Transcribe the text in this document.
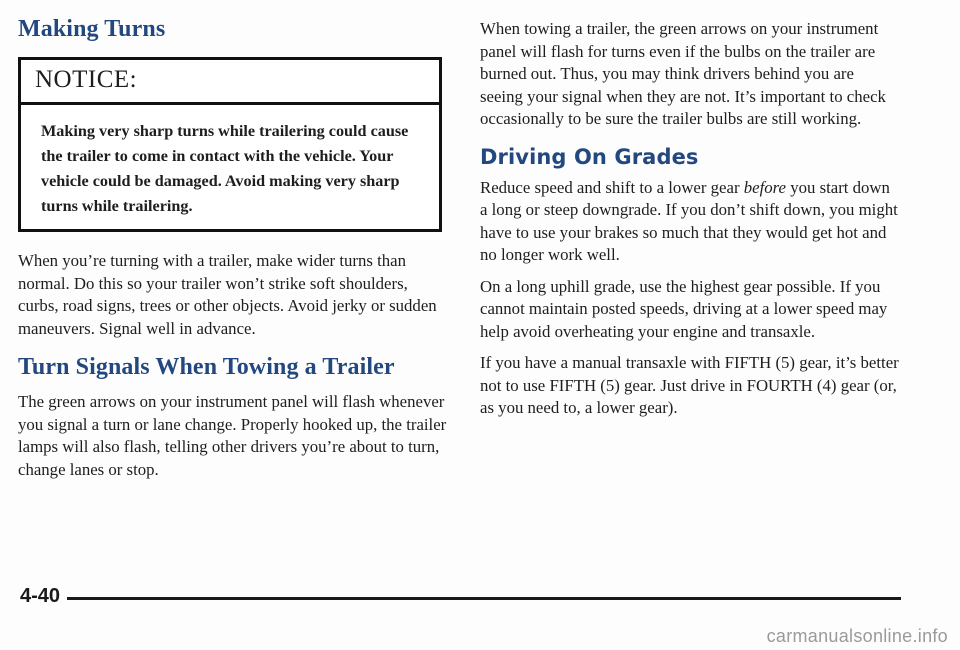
Making Turns
NOTICE:
Making very sharp turns while trailering could cause the trailer to come in contact with the vehicle. Your vehicle could be damaged. Avoid making very sharp turns while trailering.

When you’re turning with a trailer, make wider turns than normal. Do this so your trailer won’t strike soft shoulders, curbs, road signs, trees or other objects. Avoid jerky or sudden maneuvers. Signal well in advance.

Turn Signals When Towing a Trailer

The green arrows on your instrument panel will flash whenever you signal a turn or lane change. Properly hooked up, the trailer lamps will also flash, telling other drivers you’re about to turn, change lanes or stop.

When towing a trailer, the green arrows on your instrument panel will flash for turns even if the bulbs on the trailer are burned out. Thus, you may think drivers behind you are seeing your signal when they are not. It’s important to check occasionally to be sure the trailer bulbs are still working.

Driving On Grades

Reduce speed and shift to a lower gear before you start down a long or steep downgrade. If you don’t shift down, you might have to use your brakes so much that they would get hot and no longer work well.

On a long uphill grade, use the highest gear possible. If you cannot maintain posted speeds, driving at a lower speed may help avoid overheating your engine and transaxle.

If you have a manual transaxle with FIFTH (5) gear, it’s better not to use FIFTH (5) gear. Just drive in FOURTH (4) gear (or, as you need to, a lower gear).

4-40
carmanualsonline.info
